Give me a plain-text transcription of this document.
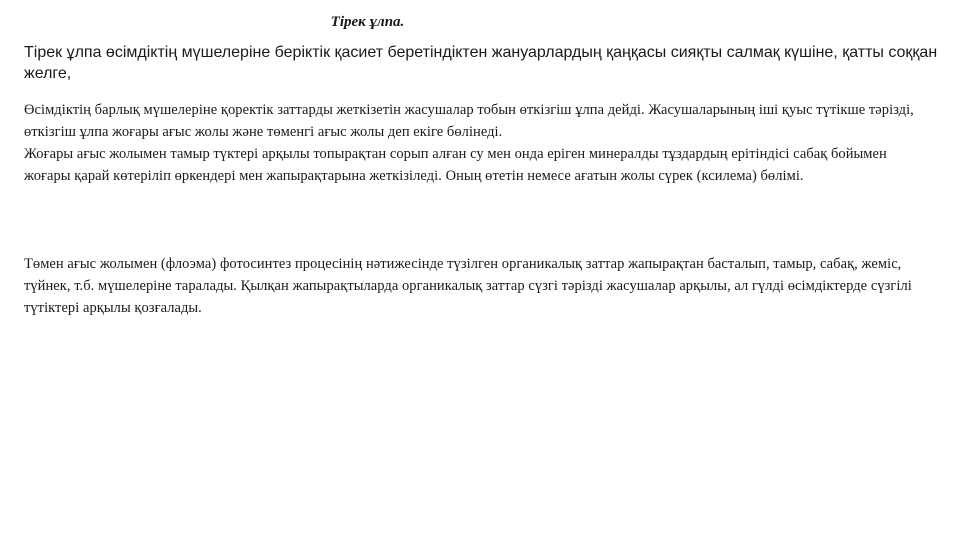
Тірек ұлпа.

Тірек ұлпа өсімдіктің мүшелеріне беріктік қасиет беретіндіктен жануарлардың қаңқасы сияқты салмақ күшіне, қатты соққан желге,

Өсімдіктің барлық мүшелеріне қоректік заттарды жеткізетін жасушалар тобын өткізгіш ұлпа дейді. Жасушаларының іші қуыс түтікше тәрізді, өткізгіш ұлпа жоғары ағыс жолы және төменгі ағыс жолы деп екіге бөлінеді.

Жоғары ағыс жолымен тамыр түктері арқылы топырақтан сорып алған су мен онда еріген минералды тұздардың ерітіндісі сабақ бойымен жоғары қарай көтеріліп өркендері мен жапырақтарына жеткізіледі. Оның өтетін немесе ағатын жолы сүрек (ксилема) бөлімі.

Төмен ағыс жолымен (флоэма) фотосинтез процесінің нәтижесінде түзілген органикалық заттар жапырақтан басталып, тамыр, сабақ, жеміс, түйнек, т.б. мүшелеріне таралады. Қылқан жапырақтыларда органикалық заттар сүзгі тәрізді жасушалар арқылы, ал гүлді өсімдіктерде сүзгілі түтіктері арқылы қозғалады.
